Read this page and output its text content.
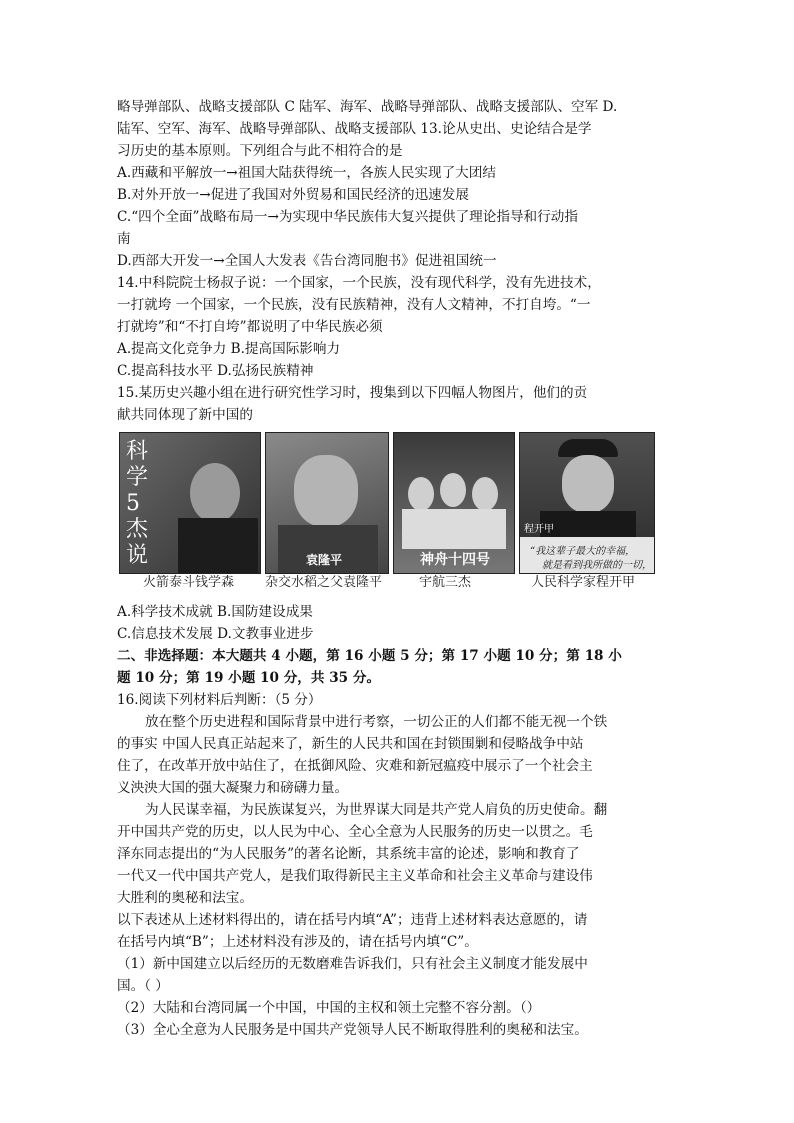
略导弹部队、战略支援部队 C 陆军、海军、战略导弹部队、战略支援部队、空军 D.
陆军、空军、海军、战略导弹部队、战略支援部队 13.论从史出、史论结合是学
习历史的基本原则。下列组合与此不相符合的是
A.西藏和平解放一→祖国大陆获得统一，各族人民实现了大团结
B.对外开放一→促进了我国对外贸易和国民经济的迅速发展
C.“四个全面”战略布局一→为实现中华民族伟大复兴提供了理论指导和行动指
南
D.西部大开发一→全国人大发表《告台湾同胞书》促进祖国统一
14.中科院院士杨叔子说：一个国家，一个民族，没有现代科学，没有先进技术，
一打就垮 一个国家，一个民族，没有民族精神，没有人文精神，不打自垮。“一
打就垮”和“不打自垮”都说明了中华民族必须
A.提高文化竞争力 B.提高国际影响力
C.提高科技水平 D.弘扬民族精神
15.某历史兴趣小组在进行研究性学习时，搜集到以下四幅人物图片，他们的贡
献共同体现了新中国的
科学5杰说	袁隆平	神舟十四号
程开甲
“我这辈子最大的幸福，
就是看到我所做的一切，
火箭泰斗钱学森 杂交水稻之父袁隆平	宇航三杰	人民科学家程开甲
A.科学技术成就 B.国防建设成果
C.信息技术发展 D.文教事业进步
二、非选择题：本大题共 4 小题，第 16 小题 5 分；第 17 小题 10 分；第 18 小
题 10 分；第 19 小题 10 分，共 35 分。
16.阅读下列材料后判断：（5 分）
放在整个历史进程和国际背景中进行考察，一切公正的人们都不能无视一个铁
的事实 中国人民真正站起来了，新生的人民共和国在封锁围剿和侵略战争中站
住了，在改革开放中站住了，在抵御风险、灾难和新冠瘟疫中展示了一个社会主
义泱泱大国的强大凝聚力和磅礴力量。
为人民谋幸福，为民族谋复兴，为世界谋大同是共产党人肩负的历史使命。翻
开中国共产党的历史，以人民为中心、全心全意为人民服务的历史一以贯之。毛
泽东同志提出的“为人民服务”的著名论断，其系统丰富的论述，影响和教育了
一代又一代中国共产党人，是我们取得新民主主义革命和社会主义革命与建设伟
大胜利的奥秘和法宝。
以下表述从上述材料得出的，请在括号内填“A”；违背上述材料表达意愿的，请
在括号内填“B”；上述材料没有涉及的，请在括号内填“C”。
（1）新中国建立以后经历的无数磨难告诉我们，只有社会主义制度才能发展中
国。（ ）
（2）大陆和台湾同属一个中国，中国的主权和领土完整不容分割。（）
（3）全心全意为人民服务是中国共产党领导人民不断取得胜利的奥秘和法宝。
